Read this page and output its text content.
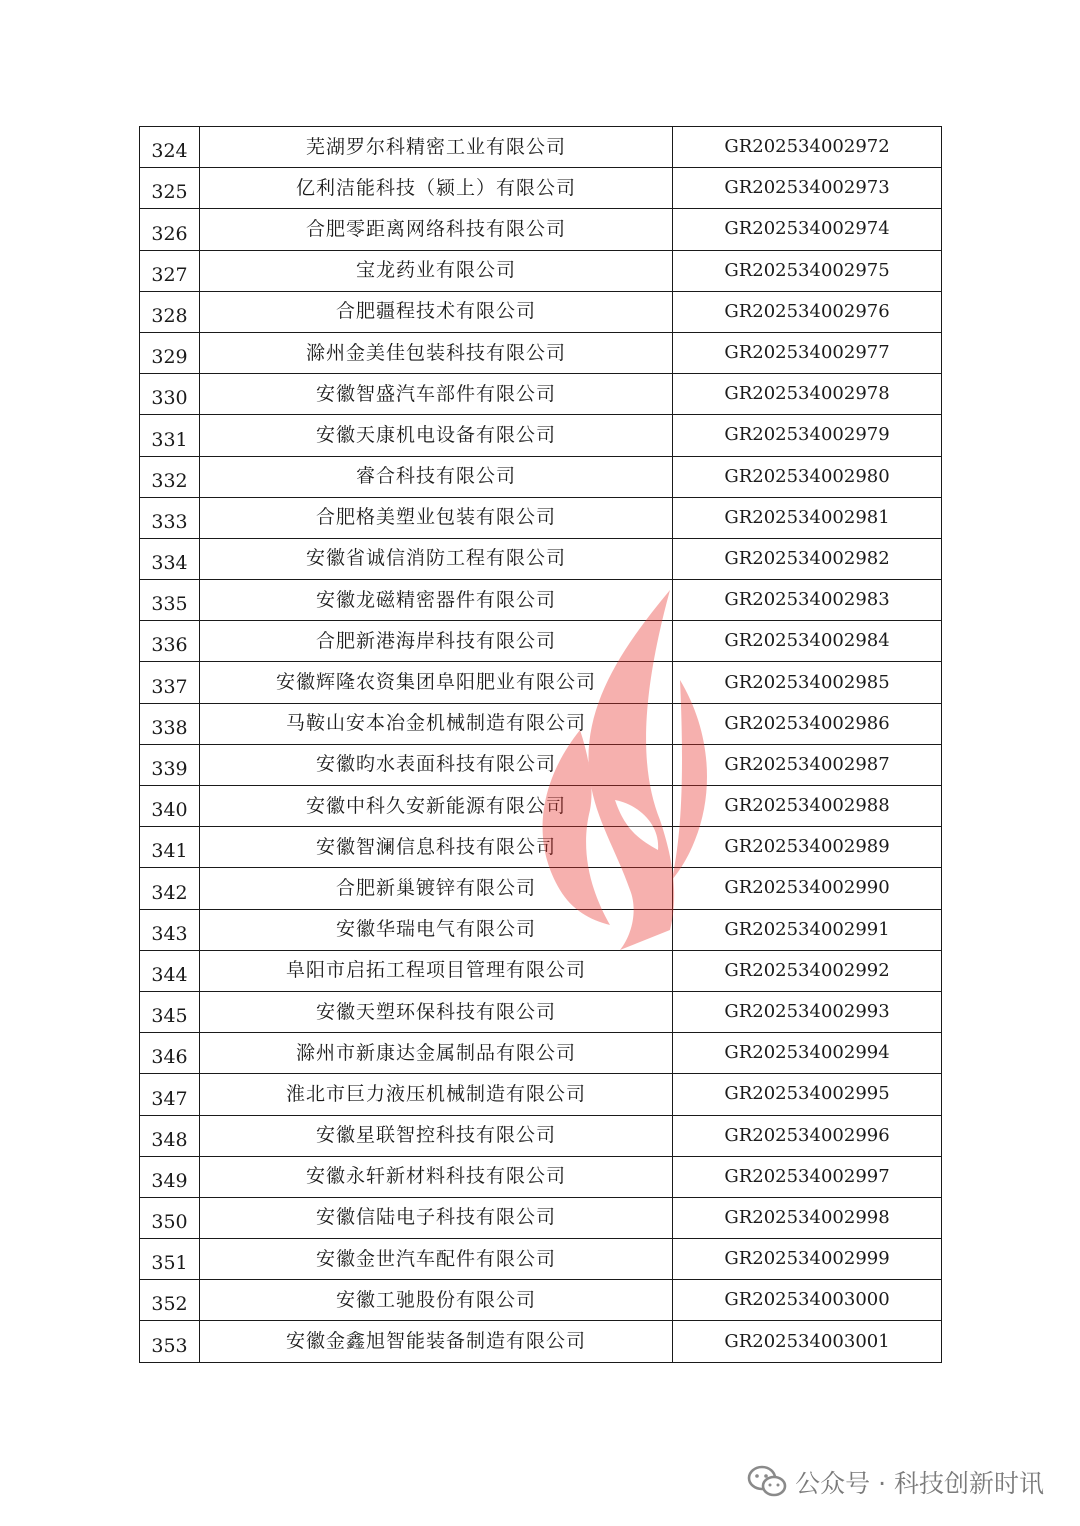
324	芜湖罗尔科精密工业有限公司	GR202534002972
325	亿利洁能科技（颍上）有限公司	GR202534002973
326	合肥零距离网络科技有限公司	GR202534002974
327	宝龙药业有限公司	GR202534002975
328	合肥疆程技术有限公司	GR202534002976
329	滁州金美佳包装科技有限公司	GR202534002977
330	安徽智盛汽车部件有限公司	GR202534002978
331	安徽天康机电设备有限公司	GR202534002979
332	睿合科技有限公司	GR202534002980
333	合肥格美塑业包装有限公司	GR202534002981
334	安徽省诚信消防工程有限公司	GR202534002982
335	安徽龙磁精密器件有限公司	GR202534002983
336	合肥新港海岸科技有限公司	GR202534002984
337	安徽辉隆农资集团阜阳肥业有限公司	GR202534002985
338	马鞍山安本冶金机械制造有限公司	GR202534002986
339	安徽昀水表面科技有限公司	GR202534002987
340	安徽中科久安新能源有限公司	GR202534002988
341	安徽智澜信息科技有限公司	GR202534002989
342	合肥新巢镀锌有限公司	GR202534002990
343	安徽华瑞电气有限公司	GR202534002991
344	阜阳市启拓工程项目管理有限公司	GR202534002992
345	安徽天塑环保科技有限公司	GR202534002993
346	滁州市新康达金属制品有限公司	GR202534002994
347	淮北市巨力液压机械制造有限公司	GR202534002995
348	安徽星联智控科技有限公司	GR202534002996
349	安徽永轩新材料科技有限公司	GR202534002997
350	安徽信陆电子科技有限公司	GR202534002998
351	安徽金世汽车配件有限公司	GR202534002999
352	安徽工驰股份有限公司	GR202534003000
353	安徽金鑫旭智能装备制造有限公司	GR202534003001
公众号 · 科技创新时讯
